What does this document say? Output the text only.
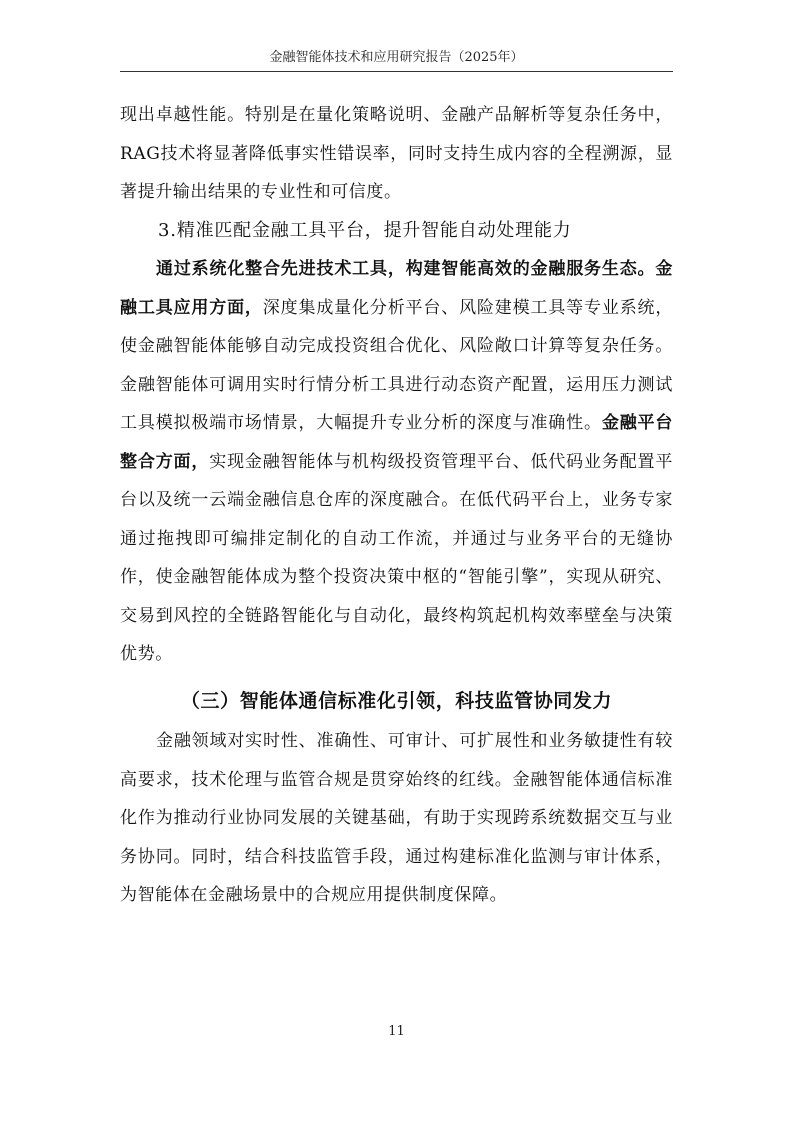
金融智能体技术和应用研究报告（2025年）

现出卓越性能。特别是在量化策略说明、金融产品解析等复杂任务中，RAG技术将显著降低事实性错误率，同时支持生成内容的全程溯源，显著提升输出结果的专业性和可信度。

3.精准匹配金融工具平台，提升智能自动处理能力

通过系统化整合先进技术工具，构建智能高效的金融服务生态。金融工具应用方面，深度集成量化分析平台、风险建模工具等专业系统，使金融智能体能够自动完成投资组合优化、风险敞口计算等复杂任务。金融智能体可调用实时行情分析工具进行动态资产配置，运用压力测试工具模拟极端市场情景，大幅提升专业分析的深度与准确性。金融平台整合方面，实现金融智能体与机构级投资管理平台、低代码业务配置平台以及统一云端金融信息仓库的深度融合。在低代码平台上，业务专家通过拖拽即可编排定制化的自动工作流，并通过与业务平台的无缝协作，使金融智能体成为整个投资决策中枢的“智能引擎”，实现从研究、交易到风控的全链路智能化与自动化，最终构筑起机构效率壁垒与决策优势。

（三）智能体通信标准化引领，科技监管协同发力

金融领域对实时性、准确性、可审计、可扩展性和业务敏捷性有较高要求，技术伦理与监管合规是贯穿始终的红线。金融智能体通信标准化作为推动行业协同发展的关键基础，有助于实现跨系统数据交互与业务协同。同时，结合科技监管手段，通过构建标准化监测与审计体系，为智能体在金融场景中的合规应用提供制度保障。

11
